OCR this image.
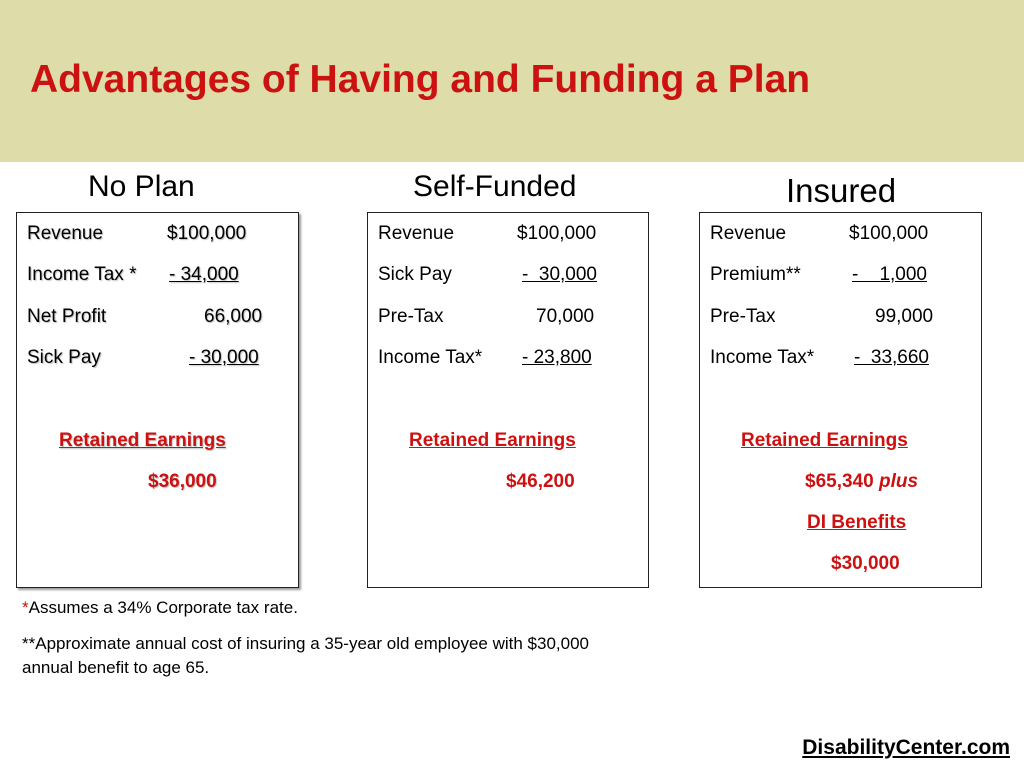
Advantages of Having and Funding a Plan
No Plan	Self-Funded	Insured
Revenue	$100,000
Income Tax * - 34,000
Net Profit	66,000
Sick Pay	- 30,000
Retained Earnings
$36,000
Revenue	$100,000
Sick Pay	-  30,000
Pre-Tax	70,000
Income Tax* - 23,800
Retained Earnings
$46,200
Revenue	$100,000
Premium**	-    1,000
Pre-Tax	99,000
Income Tax* -  33,660
Retained Earnings
$65,340 plus
DI Benefits
$30,000
*Assumes a 34% Corporate tax rate.
**Approximate annual cost of insuring a 35-year old employee with $30,000
annual benefit to age 65.
DisabilityCenter.com
